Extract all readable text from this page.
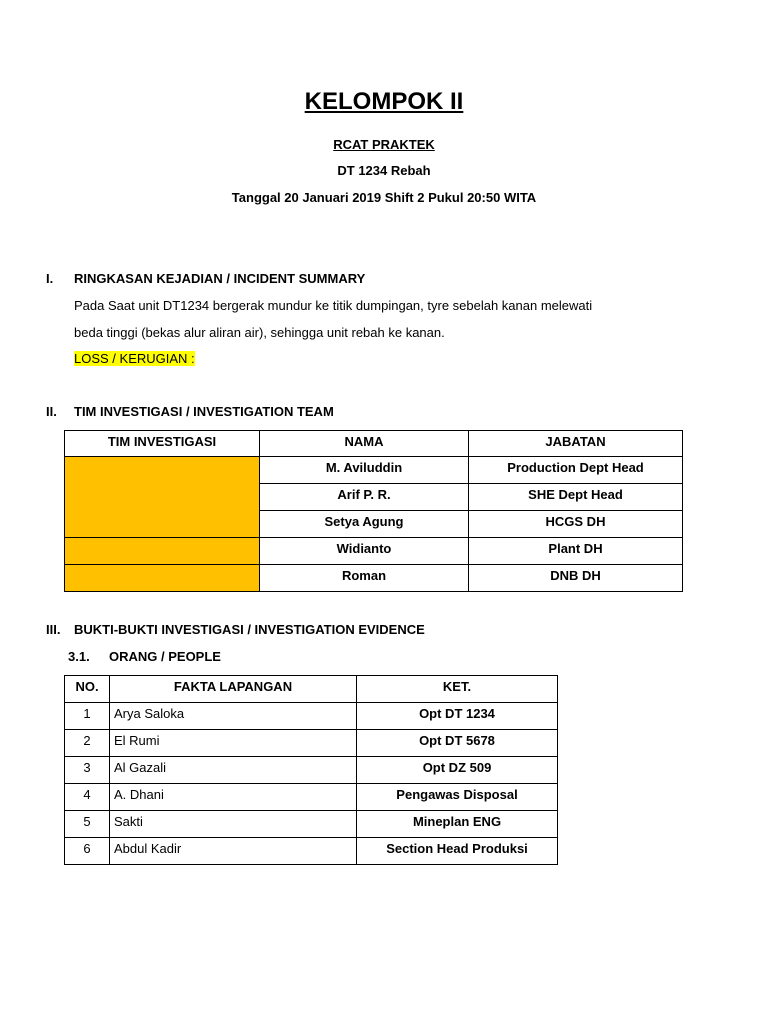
KELOMPOK II
RCAT PRAKTEK
DT 1234 Rebah
Tanggal 20 Januari 2019 Shift 2 Pukul 20:50 WITA
I. RINGKASAN KEJADIAN / INCIDENT SUMMARY
Pada Saat unit DT1234 bergerak mundur ke titik dumpingan, tyre sebelah kanan melewati
beda tinggi (bekas alur aliran air), sehingga unit rebah ke kanan.
LOSS / KERUGIAN :
II. TIM INVESTIGASI / INVESTIGATION TEAM
TIM INVESTIGASI	NAMA	JABATAN
	M. Aviluddin	Production Dept Head
	Arif P. R.	SHE Dept Head
	Setya Agung	HCGS DH
	Widianto	Plant DH
	Roman	DNB DH
III. BUKTI-BUKTI INVESTIGASI / INVESTIGATION EVIDENCE
3.1. ORANG / PEOPLE
NO.	FAKTA LAPANGAN	KET.
1	Arya Saloka	Opt DT 1234
2	El Rumi	Opt DT 5678
3	Al Gazali	Opt DZ 509
4	A. Dhani	Pengawas Disposal
5	Sakti	Mineplan ENG
6	Abdul Kadir	Section Head Produksi
